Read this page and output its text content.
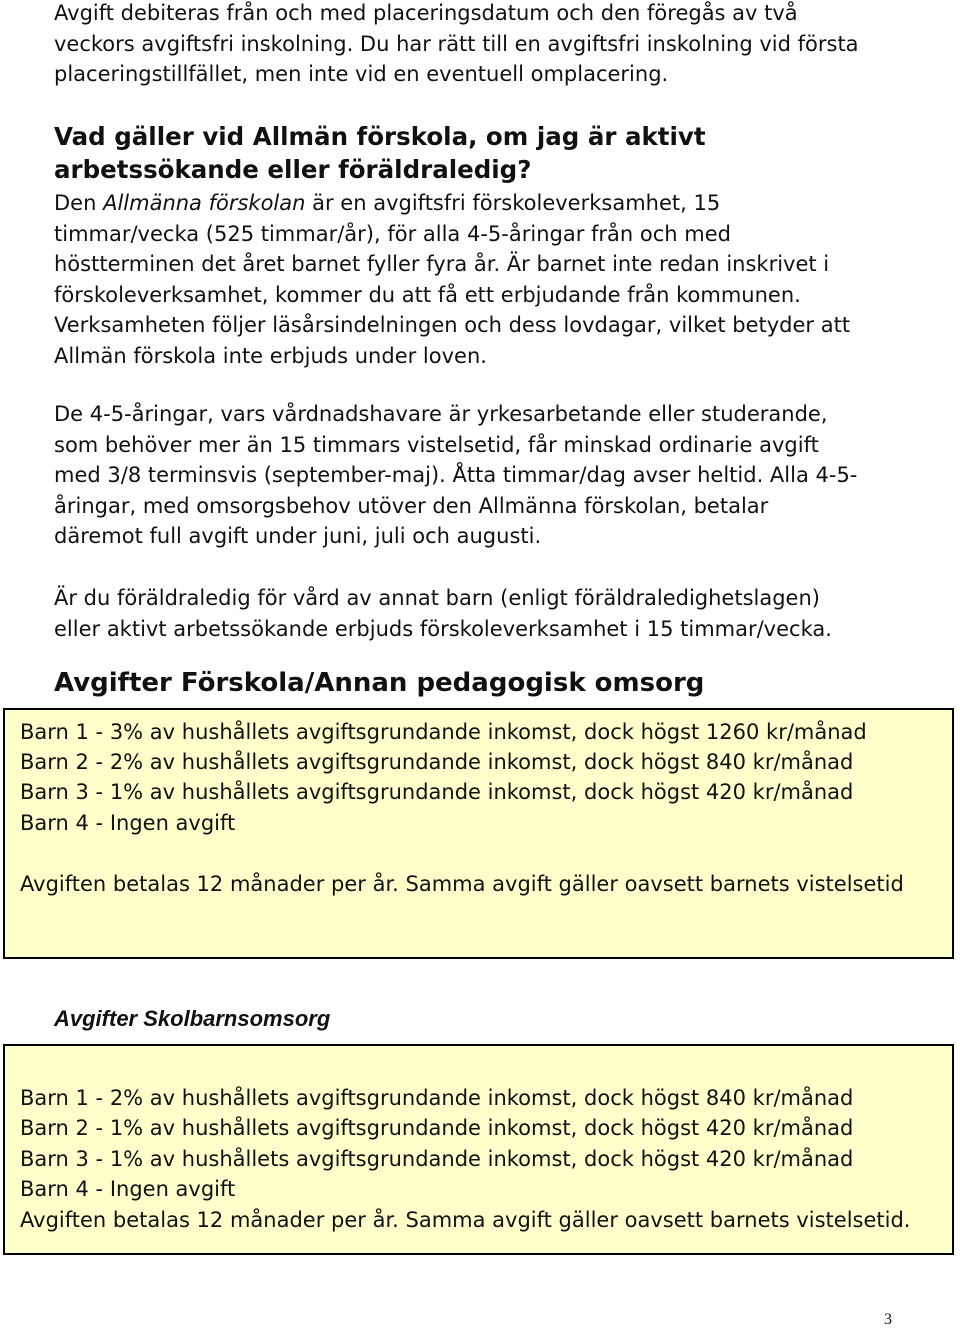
Avgift debiteras från och med placeringsdatum och den föregås av två
veckors avgiftsfri inskolning. Du har rätt till en avgiftsfri inskolning vid första
placeringstillfället, men inte vid en eventuell omplacering.
Vad gäller vid Allmän förskola, om jag är aktivt
arbetssökande eller föräldraledig?
Den Allmänna förskolan är en avgiftsfri förskoleverksamhet, 15
timmar/vecka (525 timmar/år), för alla 4-5-åringar från och med
höstterminen det året barnet fyller fyra år. Är barnet inte redan inskrivet i
förskoleverksamhet, kommer du att få ett erbjudande från kommunen.
Verksamheten följer läsårsindelningen och dess lovdagar, vilket betyder att
Allmän förskola inte erbjuds under loven.
De 4-5-åringar, vars vårdnadshavare är yrkesarbetande eller studerande,
som behöver mer än 15 timmars vistelsetid, får minskad ordinarie avgift
med 3/8 terminsvis (september-maj). Åtta timmar/dag avser heltid. Alla 4-5-
åringar, med omsorgsbehov utöver den Allmänna förskolan, betalar
däremot full avgift under juni, juli och augusti.
Är du föräldraledig för vård av annat barn (enligt föräldraledighetslagen)
eller aktivt arbetssökande erbjuds förskoleverksamhet i 15 timmar/vecka.
Avgifter Förskola/Annan pedagogisk omsorg
Barn 1 - 3% av hushållets avgiftsgrundande inkomst, dock högst 1260 kr/månad
Barn 2 - 2% av hushållets avgiftsgrundande inkomst, dock högst 840 kr/månad
Barn 3 - 1% av hushållets avgiftsgrundande inkomst, dock högst 420 kr/månad
Barn 4 - Ingen avgift
Avgiften betalas 12 månader per år. Samma avgift gäller oavsett barnets vistelsetid
Avgifter Skolbarnsomsorg
Barn 1 - 2% av hushållets avgiftsgrundande inkomst, dock högst 840 kr/månad
Barn 2 - 1% av hushållets avgiftsgrundande inkomst, dock högst 420 kr/månad
Barn 3 - 1% av hushållets avgiftsgrundande inkomst, dock högst 420 kr/månad
Barn 4 - Ingen avgift
Avgiften betalas 12 månader per år. Samma avgift gäller oavsett barnets vistelsetid.
3
